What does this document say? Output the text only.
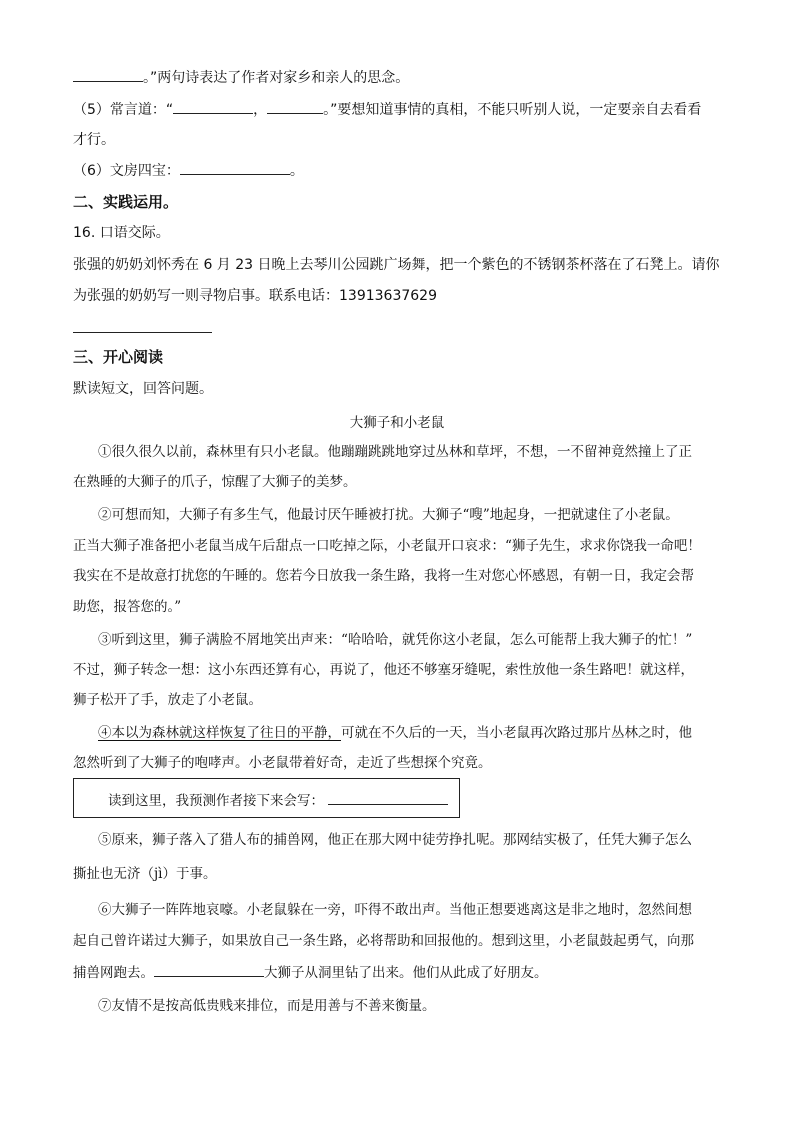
。”两句诗表达了作者对家乡和亲人的思念。
（5）常言道：“	，	。”要想知道事情的真相，不能只听别人说，一定要亲自去看看
才行。
（6）文房四宝：	。
二、实践运用。
16. 口语交际。
张强的奶奶刘怀秀在 6 月 23 日晚上去琴川公园跳广场舞，把一个紫色的不锈钢茶杯落在了石凳上。请你
为张强的奶奶写一则寻物启事。联系电话：13913637629
三、开心阅读
默读短文，回答问题。
大狮子和小老鼠
①很久很久以前，森林里有只小老鼠。他蹦蹦跳跳地穿过丛林和草坪，不想，一不留神竟然撞上了正
在熟睡的大狮子的爪子，惊醒了大狮子的美梦。
②可想而知，大狮子有多生气，他最讨厌午睡被打扰。大狮子“嗖”地起身，一把就逮住了小老鼠。
正当大狮子准备把小老鼠当成午后甜点一口吃掉之际，小老鼠开口哀求：“狮子先生，求求你饶我一命吧！
我实在不是故意打扰您的午睡的。您若今日放我一条生路，我将一生对您心怀感恩，有朝一日，我定会帮
助您，报答您的。”
③听到这里，狮子满脸不屑地笑出声来：“哈哈哈，就凭你这小老鼠，怎么可能帮上我大狮子的忙！”
不过，狮子转念一想：这小东西还算有心，再说了，他还不够塞牙缝呢，索性放他一条生路吧！就这样，
狮子松开了手，放走了小老鼠。
④本以为森林就这样恢复了往日的平静，可就在不久后的一天，当小老鼠再次路过那片丛林之时，他
忽然听到了大狮子的咆哮声。小老鼠带着好奇，走近了些想探个究竟。
读到这里，我预测作者接下来会写：
⑤原来，狮子落入了猎人布的捕兽网，他正在那大网中徒劳挣扎呢。那网结实极了，任凭大狮子怎么
撕扯也无济（jì）于事。
⑥大狮子一阵阵地哀嚎。小老鼠躲在一旁，吓得不敢出声。当他正想要逃离这是非之地时，忽然间想
起自己曾许诺过大狮子，如果放自己一条生路，必将帮助和回报他的。想到这里，小老鼠鼓起勇气，向那
捕兽网跑去。	大狮子从洞里钻了出来。他们从此成了好朋友。
⑦友情不是按高低贵贱来排位，而是用善与不善来衡量。
